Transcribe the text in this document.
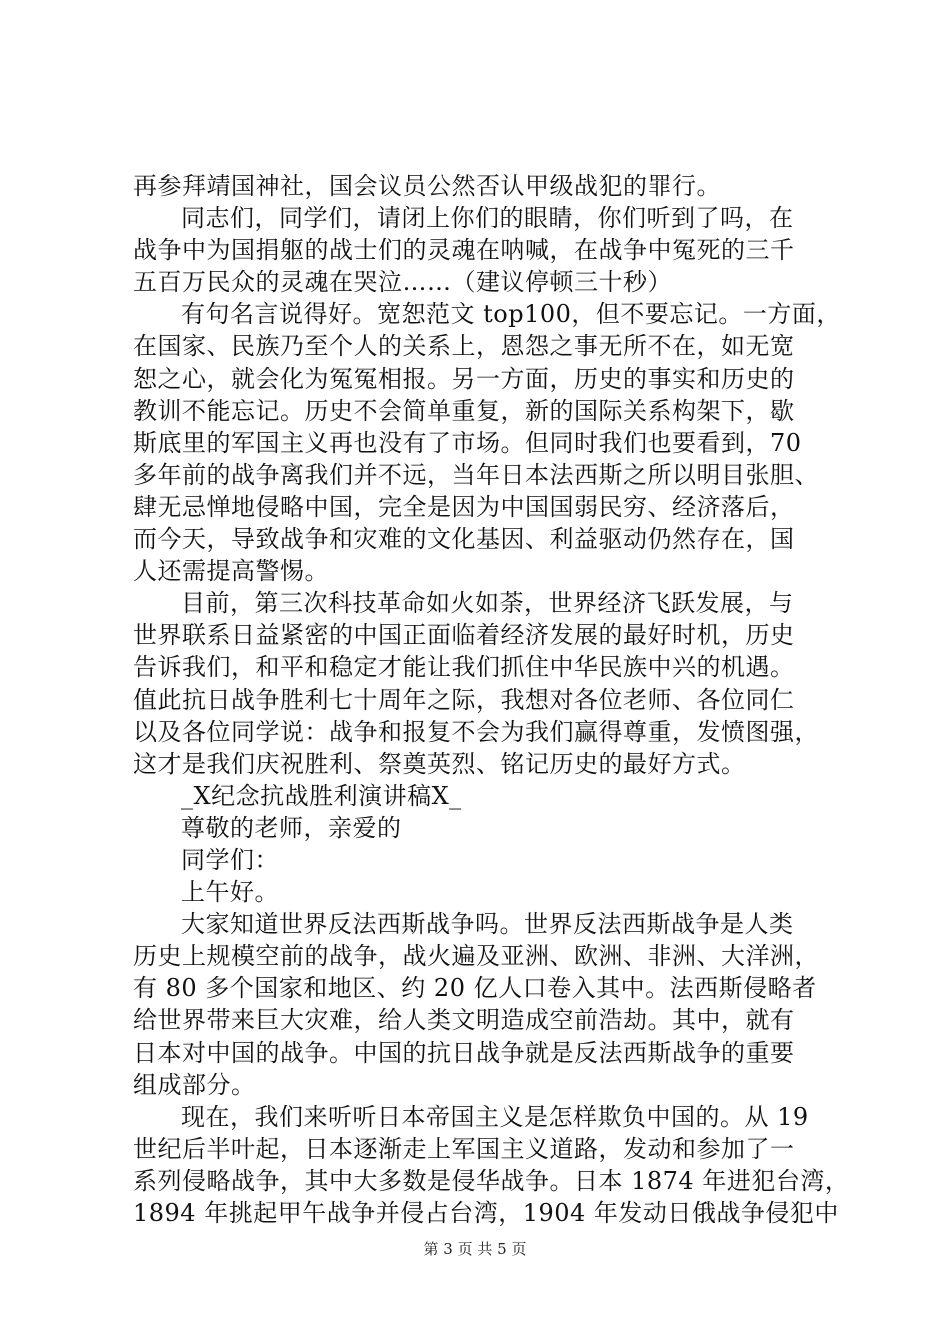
再参拜靖国神社，国会议员公然否认甲级战犯的罪行。
同志们，同学们，请闭上你们的眼睛，你们听到了吗，在
战争中为国捐躯的战士们的灵魂在呐喊，在战争中冤死的三千
五百万民众的灵魂在哭泣……（建议停顿三十秒）
有句名言说得好。宽恕范文 top100，但不要忘记。一方面，
在国家、民族乃至个人的关系上，恩怨之事无所不在，如无宽
恕之心，就会化为冤冤相报。另一方面，历史的事实和历史的
教训不能忘记。历史不会简单重复，新的国际关系构架下，歇
斯底里的军国主义再也没有了市场。但同时我们也要看到，70
多年前的战争离我们并不远，当年日本法西斯之所以明目张胆、
肆无忌惮地侵略中国，完全是因为中国国弱民穷、经济落后，
而今天，导致战争和灾难的文化基因、利益驱动仍然存在，国
人还需提高警惕。
目前，第三次科技革命如火如荼，世界经济飞跃发展，与
世界联系日益紧密的中国正面临着经济发展的最好时机，历史
告诉我们，和平和稳定才能让我们抓住中华民族中兴的机遇。
值此抗日战争胜利七十周年之际，我想对各位老师、各位同仁
以及各位同学说：战争和报复不会为我们赢得尊重，发愤图强，
这才是我们庆祝胜利、祭奠英烈、铭记历史的最好方式。
_X纪念抗战胜利演讲稿X_
尊敬的老师，亲爱的
同学们：
上午好。
大家知道世界反法西斯战争吗。世界反法西斯战争是人类
历史上规模空前的战争，战火遍及亚洲、欧洲、非洲、大洋洲，
有 80 多个国家和地区、约 20 亿人口卷入其中。法西斯侵略者
给世界带来巨大灾难，给人类文明造成空前浩劫。其中，就有
日本对中国的战争。中国的抗日战争就是反法西斯战争的重要
组成部分。
现在，我们来听听日本帝国主义是怎样欺负中国的。从 19
世纪后半叶起，日本逐渐走上军国主义道路，发动和参加了一
系列侵略战争，其中大多数是侵华战争。日本 1874 年进犯台湾，
1894 年挑起甲午战争并侵占台湾，1904 年发动日俄战争侵犯中
第 3 页 共 5 页
